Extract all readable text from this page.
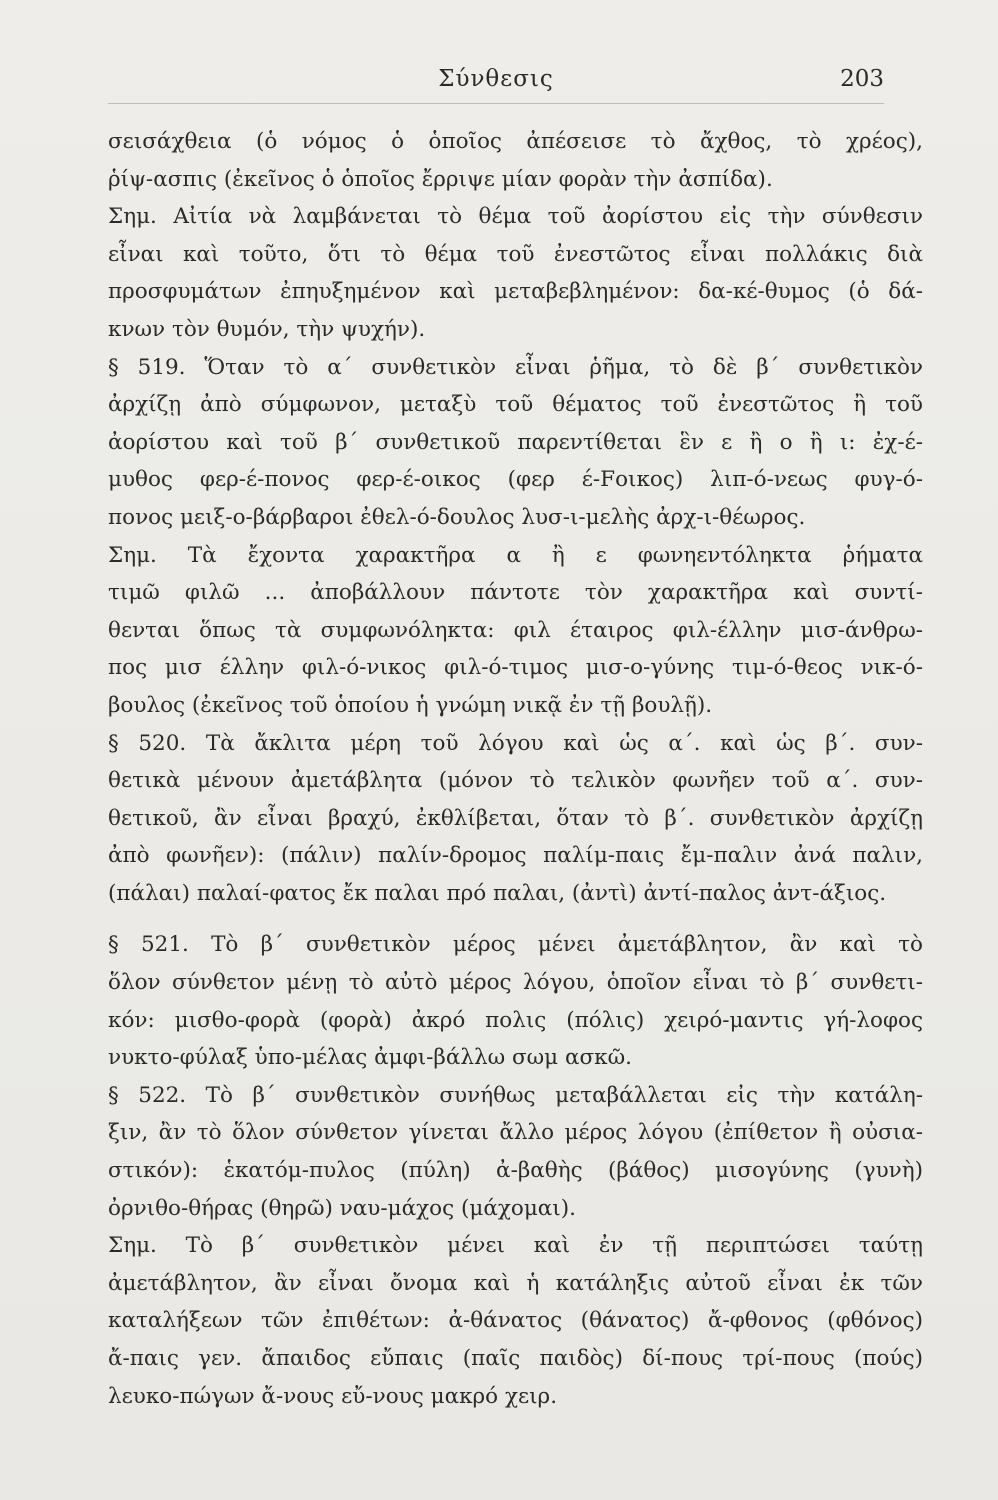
Σύνθεσις	203
σεισάχθεια (ὁ νόμος ὁ ὁποῖος ἀπέσεισε τὸ ἄχθος, τὸ χρέος),
ῥίψ-ασπις (ἐκεῖνος ὁ ὁποῖος ἔρριψε μίαν φορὰν τὴν ἀσπίδα).
Σημ. Αἰτία νὰ λαμβάνεται τὸ θέμα τοῦ ἀορίστου εἰς τὴν σύνθεσιν
εἶναι καὶ τοῦτο, ὅτι τὸ θέμα τοῦ ἐνεστῶτος εἶναι πολλάκις διὰ
προσφυμάτων ἐπηυξημένον καὶ μεταβεβλημένον: δα-κέ-θυμος (ὁ δά-
κνων τὸν θυμόν, τὴν ψυχήν).
§ 519. Ὅταν τὸ α΄ συνθετικὸν εἶναι ῥῆμα, τὸ δὲ β΄ συνθετικὸν
ἀρχίζῃ ἀπὸ σύμφωνον, μεταξὺ τοῦ θέματος τοῦ ἐνεστῶτος ἢ τοῦ
ἀορίστου καὶ τοῦ β΄ συνθετικοῦ παρεντίθεται ἓν ε ἢ ο ἢ ι: ἐχ-έ-
μυθος φερ-έ-πονος φερ-έ-οικος (φερ έ-Fοικος) λιπ-ό-νεως φυγ-ό-
πονος μειξ-ο-βάρβαροι ἐθελ-ό-δουλος λυσ-ι-μελὴς ἀρχ-ι-θέωρος.
Σημ. Τὰ ἔχοντα χαρακτῆρα α ἢ ε φωνηεντόληκτα ῥήματα
τιμῶ φιλῶ ... ἀποβάλλουν πάντοτε τὸν χαρακτῆρα καὶ συντί-
θενται ὅπως τὰ συμφωνόληκτα: φιλ έταιρος φιλ-έλλην μισ-άνθρω-
πος μισ έλλην φιλ-ό-νικος φιλ-ό-τιμος μισ-ο-γύνης τιμ-ό-θεος νικ-ό-
βουλος (ἐκεῖνος τοῦ ὁποίου ἡ γνώμη νικᾷ ἐν τῇ βουλῇ).
§ 520. Τὰ ἄκλιτα μέρη τοῦ λόγου καὶ ὡς α΄. καὶ ὡς β΄. συν-
θετικὰ μένουν ἀμετάβλητα (μόνον τὸ τελικὸν φωνῆεν τοῦ α΄. συν-
θετικοῦ, ἂν εἶναι βραχύ, ἐκθλίβεται, ὅταν τὸ β΄. συνθετικὸν ἀρχίζῃ
ἀπὸ φωνῆεν): (πάλιν) παλίν-δρομος παλίμ-παις ἔμ-παλιν ἀνά παλιν,
(πάλαι) παλαί-φατος ἔκ παλαι πρό παλαι, (ἀντὶ) ἀντί-παλος ἀντ-άξιος.
§ 521. Τὸ β΄ συνθετικὸν μέρος μένει ἀμετάβλητον, ἂν καὶ τὸ
ὅλον σύνθετον μένῃ τὸ αὐτὸ μέρος λόγου, ὁποῖον εἶναι τὸ β΄ συνθετι-
κόν: μισθο-φορὰ (φορὰ) ἀκρό πολις (πόλις) χειρό-μαντις γή-λοφος
νυκτο-φύλαξ ὑπο-μέλας ἀμφι-βάλλω σωμ ασκῶ.
§ 522. Τὸ β΄ συνθετικὸν συνήθως μεταβάλλεται εἰς τὴν κατάλη-
ξιν, ἂν τὸ ὅλον σύνθετον γίνεται ἄλλο μέρος λόγου (ἐπίθετον ἢ οὐσια-
στικόν): ἑκατόμ-πυλος (πύλη) ἀ-βαθὴς (βάθος) μισογύνης (γυνὴ)
ὀρνιθο-θήρας (θηρῶ) ναυ-μάχος (μάχομαι).
Σημ. Τὸ β΄ συνθετικὸν μένει καὶ ἐν τῇ περιπτώσει ταύτῃ
ἀμετάβλητον, ἂν εἶναι ὄνομα καὶ ἡ κατάληξις αὐτοῦ εἶναι ἐκ τῶν
καταλήξεων τῶν ἐπιθέτων: ἀ-θάνατος (θάνατος) ἄ-φθονος (φθόνος)
ἄ-παις γεν. ἄπαιδος εὔπαις (παῖς παιδὸς) δί-πους τρί-πους (πούς)
λευκο-πώγων ἄ-νους εὔ-νους μακρό χειρ.
